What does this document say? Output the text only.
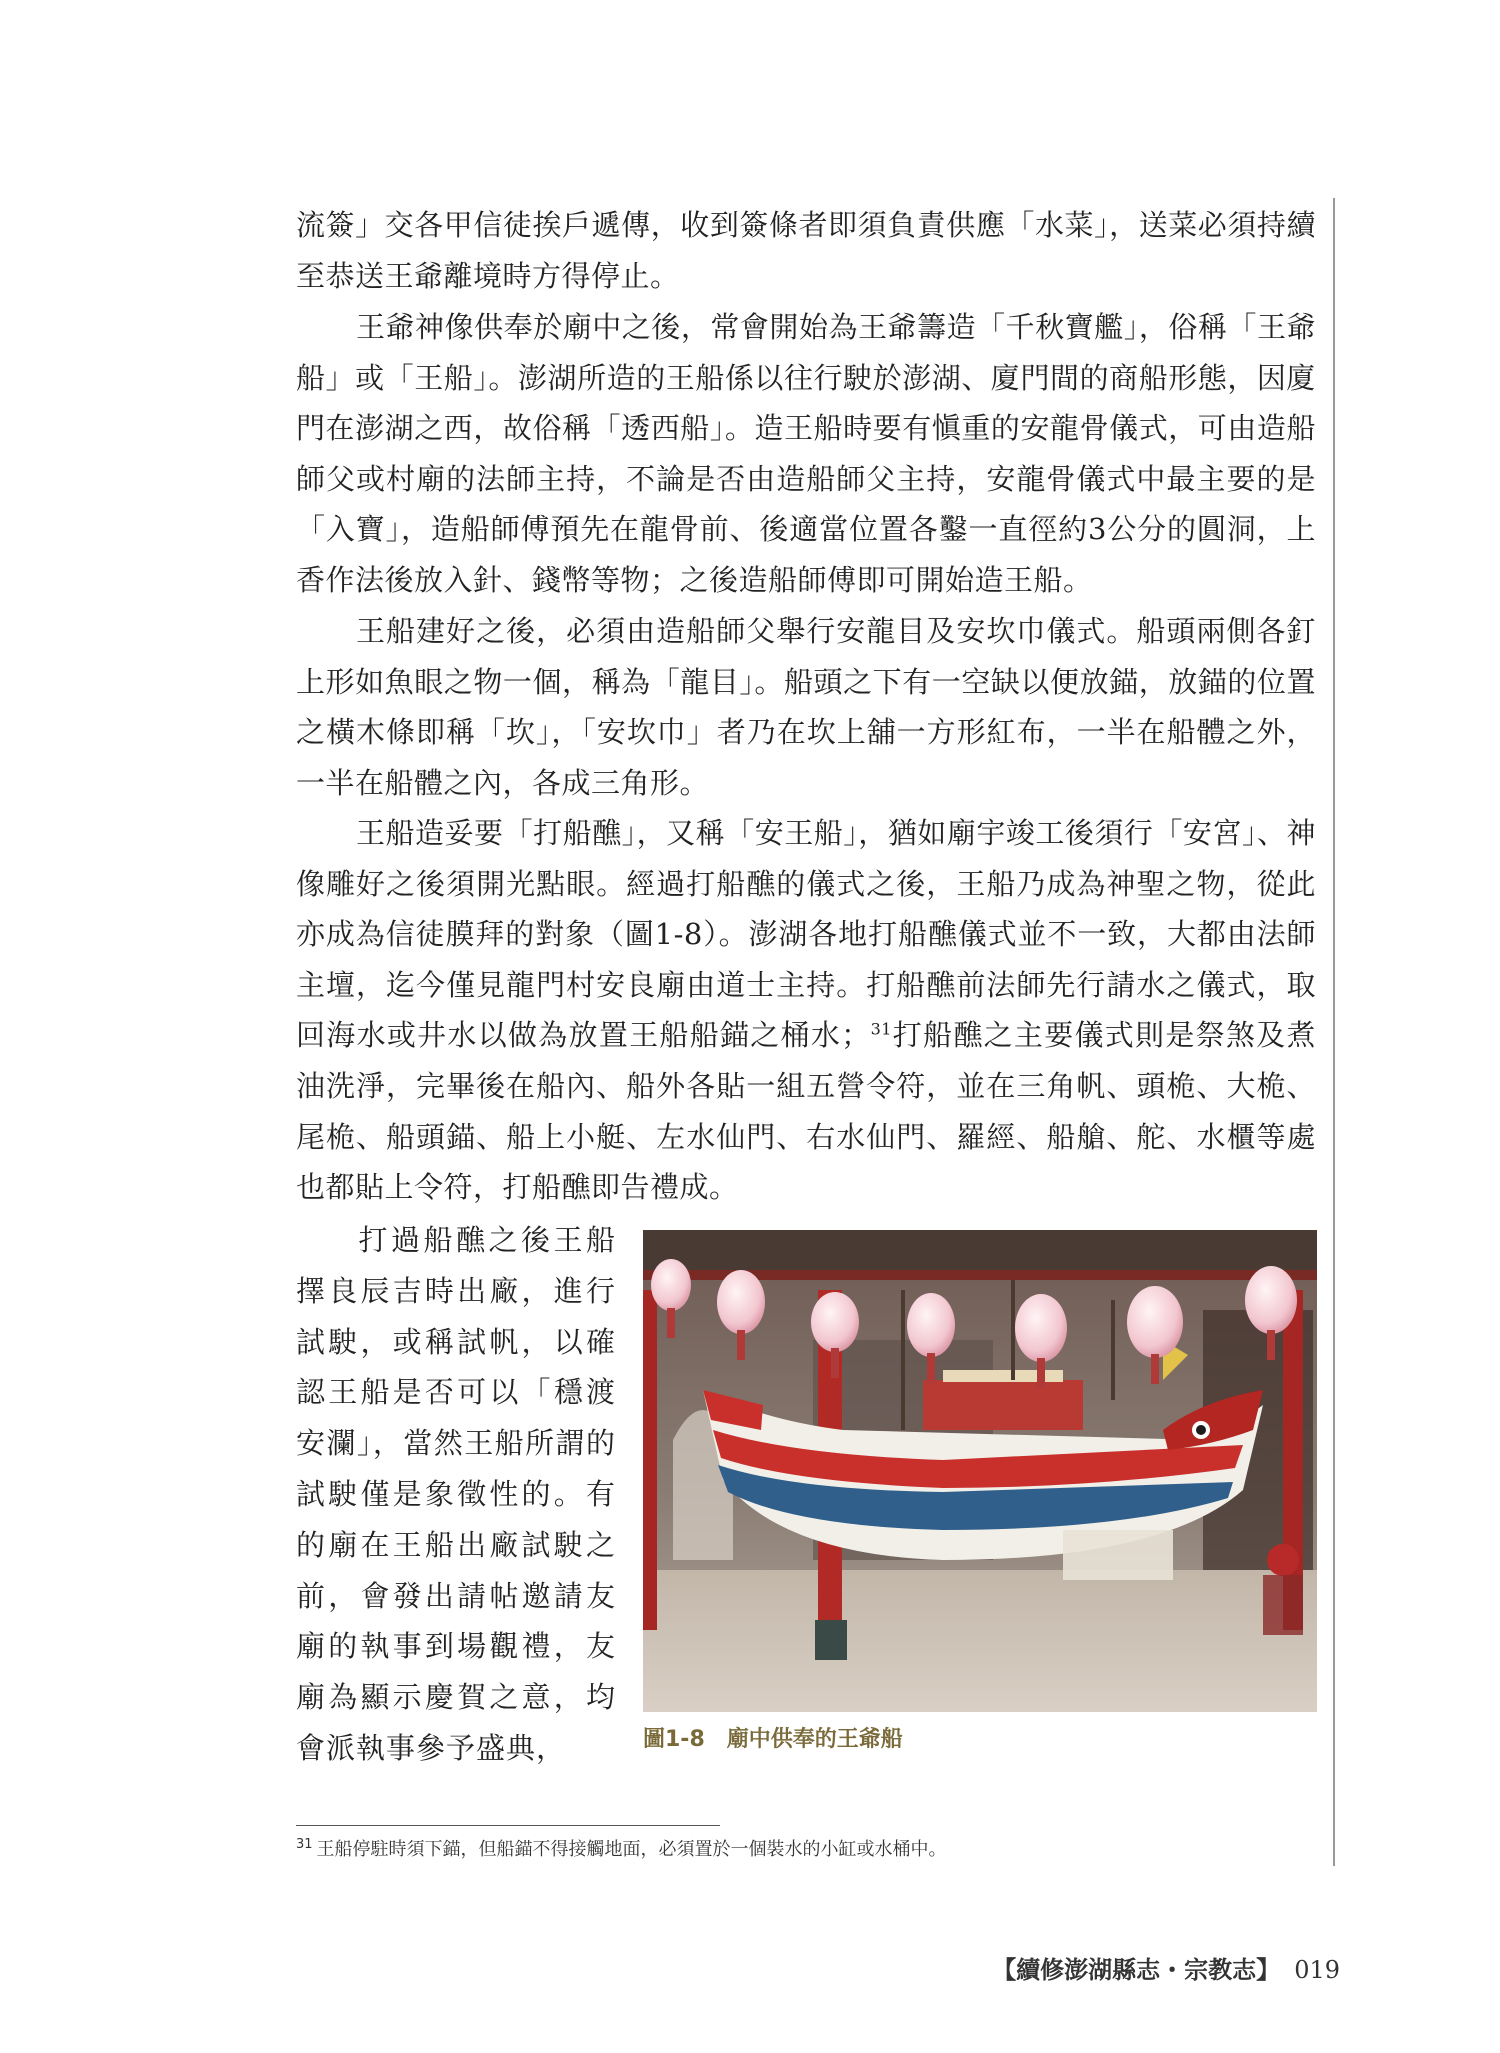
流簽」交各甲信徒挨戶遞傳，收到簽條者即須負責供應「水菜」，送菜必須持續至恭送王爺離境時方得停止。

王爺神像供奉於廟中之後，常會開始為王爺籌造「千秋寶艦」，俗稱「王爺船」或「王船」。澎湖所造的王船係以往行駛於澎湖、廈門間的商船形態，因廈門在澎湖之西，故俗稱「透西船」。造王船時要有愼重的安龍骨儀式，可由造船師父或村廟的法師主持，不論是否由造船師父主持，安龍骨儀式中最主要的是「入寶」，造船師傅預先在龍骨前、後適當位置各鑿一直徑約3公分的圓洞，上香作法後放入針、錢幣等物；之後造船師傅即可開始造王船。

王船建好之後，必須由造船師父舉行安龍目及安坎巾儀式。船頭兩側各釘上形如魚眼之物一個，稱為「龍目」。船頭之下有一空缺以便放錨，放錨的位置之橫木條即稱「坎」，「安坎巾」者乃在坎上舖一方形紅布，一半在船體之外，一半在船體之內，各成三角形。

王船造妥要「打船醮」，又稱「安王船」，猶如廟宇竣工後須行「安宮」、神像雕好之後須開光點眼。經過打船醮的儀式之後，王船乃成為神聖之物，從此亦成為信徒膜拜的對象（圖1-8）。澎湖各地打船醮儀式並不一致，大都由法師主壇，迄今僅見龍門村安良廟由道士主持。打船醮前法師先行請水之儀式，取回海水或井水以做為放置王船船錨之桶水；$^{31}$打船醮之主要儀式則是祭煞及煮油洗淨，完畢後在船內、船外各貼一組五營令符，並在三角帆、頭桅、大桅、尾桅、船頭錨、船上小艇、左水仙門、右水仙門、羅經、船艙、舵、水櫃等處也都貼上令符，打船醮即告禮成。

打過船醮之後王船擇良辰吉時出廠，進行試駛，或稱試帆，以確認王船是否可以「穩渡安瀾」，當然王船所謂的試駛僅是象徵性的。有的廟在王船出廠試駛之前，會發出請帖邀請友廟的執事到場觀禮，友廟為顯示慶賀之意，均會派執事參予盛典，	圖1-8 廟中供奉的王爺船
$^{31}$ 王船停駐時須下錨，但船錨不得接觸地面，必須置於一個裝水的小缸或水桶中。
【續修澎湖縣志・宗教志】 019
